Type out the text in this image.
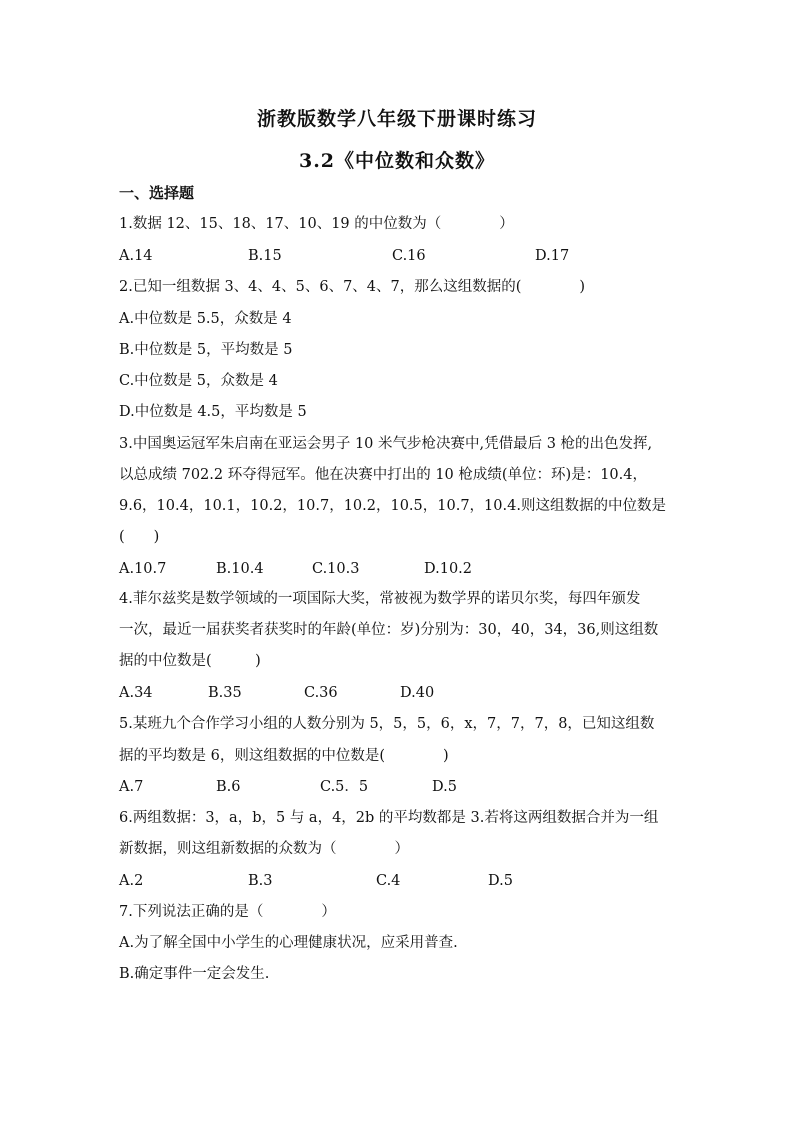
浙教版数学八年级下册课时练习
3.2《中位数和众数》
一、选择题
1.数据 12、15、18、17、10、19 的中位数为（　　　　）
A.14	B.15	C.16	D.17
2.已知一组数据 3、4、4、5、6、7、4、7，那么这组数据的(　　　　)
A.中位数是 5.5，众数是 4
B.中位数是 5，平均数是 5
C.中位数是 5，众数是 4
D.中位数是 4.5，平均数是 5
3.中国奥运冠军朱启南在亚运会男子 10 米气步枪决赛中,凭借最后 3 枪的出色发挥,
以总成绩 702.2 环夺得冠军。他在决赛中打出的 10 枪成绩(单位：环)是：10.4，
9.6，10.4，10.1，10.2，10.7，10.2，10.5，10.7，10.4.则这组数据的中位数是
(　　)
A.10.7	B.10.4	C.10.3	D.10.2
4.菲尔兹奖是数学领域的一项国际大奖，常被视为数学界的诺贝尔奖，每四年颁发
一次，最近一届获奖者获奖时的年龄(单位：岁)分别为：30，40，34，36,则这组数
据的中位数是(　　　)
A.34	B.35	C.36	D.40
5.某班九个合作学习小组的人数分别为 5，5，5，6，x，7，7，7，8，已知这组数
据的平均数是 6，则这组数据的中位数是(　　　　)
A.7	B.6	C.5．5	D.5
6.两组数据：3，a，b，5 与 a，4，2b 的平均数都是 3.若将这两组数据合并为一组
新数据，则这组新数据的众数为（　　　　）
A.2	B.3	C.4	D.5
7.下列说法正确的是（　　　　）
A.为了解全国中小学生的心理健康状况，应采用普查.
B.确定事件一定会发生.
